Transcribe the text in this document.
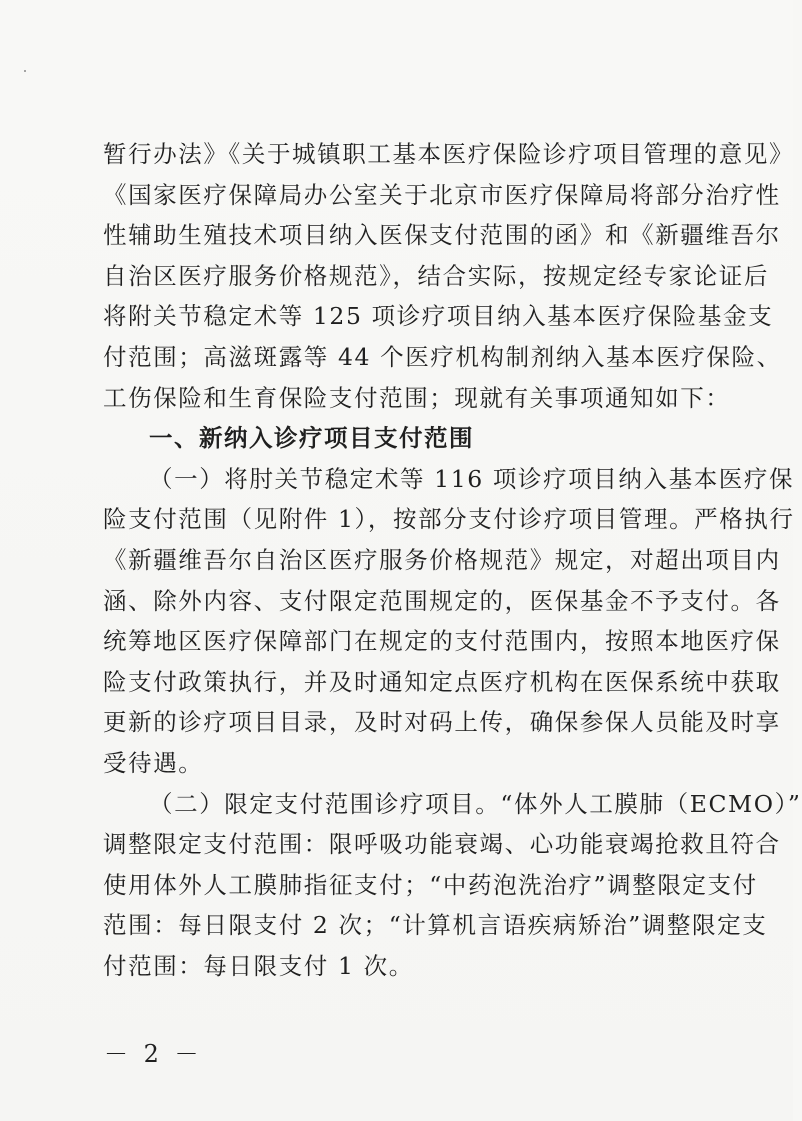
暂行办法》《关于城镇职工基本医疗保险诊疗项目管理的意见》
《国家医疗保障局办公室关于北京市医疗保障局将部分治疗性
性辅助生殖技术项目纳入医保支付范围的函》和《新疆维吾尔
自治区医疗服务价格规范》，结合实际，按规定经专家论证后
将附关节稳定术等 125 项诊疗项目纳入基本医疗保险基金支
付范围；高滋斑露等 44 个医疗机构制剂纳入基本医疗保险、
工伤保险和生育保险支付范围；现就有关事项通知如下：
一、新纳入诊疗项目支付范围
（一）将肘关节稳定术等 116 项诊疗项目纳入基本医疗保
险支付范围（见附件 1），按部分支付诊疗项目管理。严格执行
《新疆维吾尔自治区医疗服务价格规范》规定，对超出项目内
涵、除外内容、支付限定范围规定的，医保基金不予支付。各
统筹地区医疗保障部门在规定的支付范围内，按照本地医疗保
险支付政策执行，并及时通知定点医疗机构在医保系统中获取
更新的诊疗项目目录，及时对码上传，确保参保人员能及时享
受待遇。
（二）限定支付范围诊疗项目。“体外人工膜肺（ECMO）”
调整限定支付范围：限呼吸功能衰竭、心功能衰竭抢救且符合
使用体外人工膜肺指征支付；“中药泡洗治疗”调整限定支付
范围：每日限支付 2 次；“计算机言语疾病矫治”调整限定支
付范围：每日限支付 1 次。
－ 2 －
